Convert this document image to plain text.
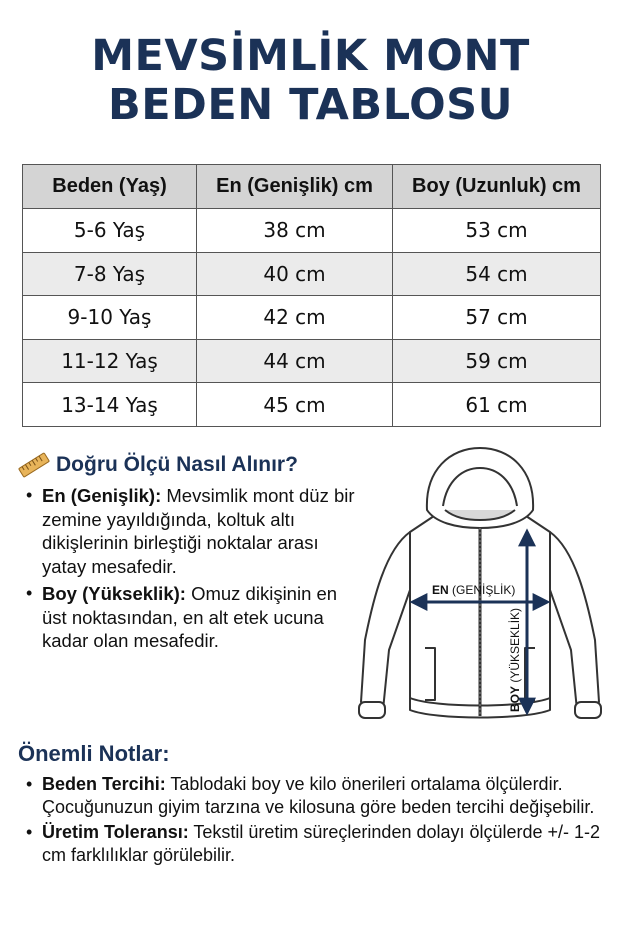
MEVSİMLİK MONT
BEDEN TABLOSU
Beden (Yaş)	En (Genişlik) cm	Boy (Uzunluk) cm
5-6 Yaş	38 cm	53 cm
7-8 Yaş	40 cm	54 cm
9-10 Yaş	42 cm	57 cm
11-12 Yaş	44 cm	59 cm
13-14 Yaş	45 cm	61 cm
Doğru Ölçü Nasıl Alınır?
• En (Genişlik): Mevsimlik mont düz bir zemine yayıldığında, koltuk altı dikişlerinin birleştiği noktalar arası yatay mesafedir.
• Boy (Yükseklik): Omuz dikişinin en üst noktasından, en alt etek ucuna kadar olan mesafedir.
EN (GENİŞLİK)
BOY (YÜKSEKLİK)
Önemli Notlar:
• Beden Tercihi: Tablodaki boy ve kilo önerileri ortalama ölçülerdir. Çocuğunuzun giyim tarzına ve kilosuna göre beden tercihi değişebilir.
• Üretim Toleransı: Tekstil üretim süreçlerinden dolayı ölçülerde +/- 1-2 cm farklılıklar görülebilir.
